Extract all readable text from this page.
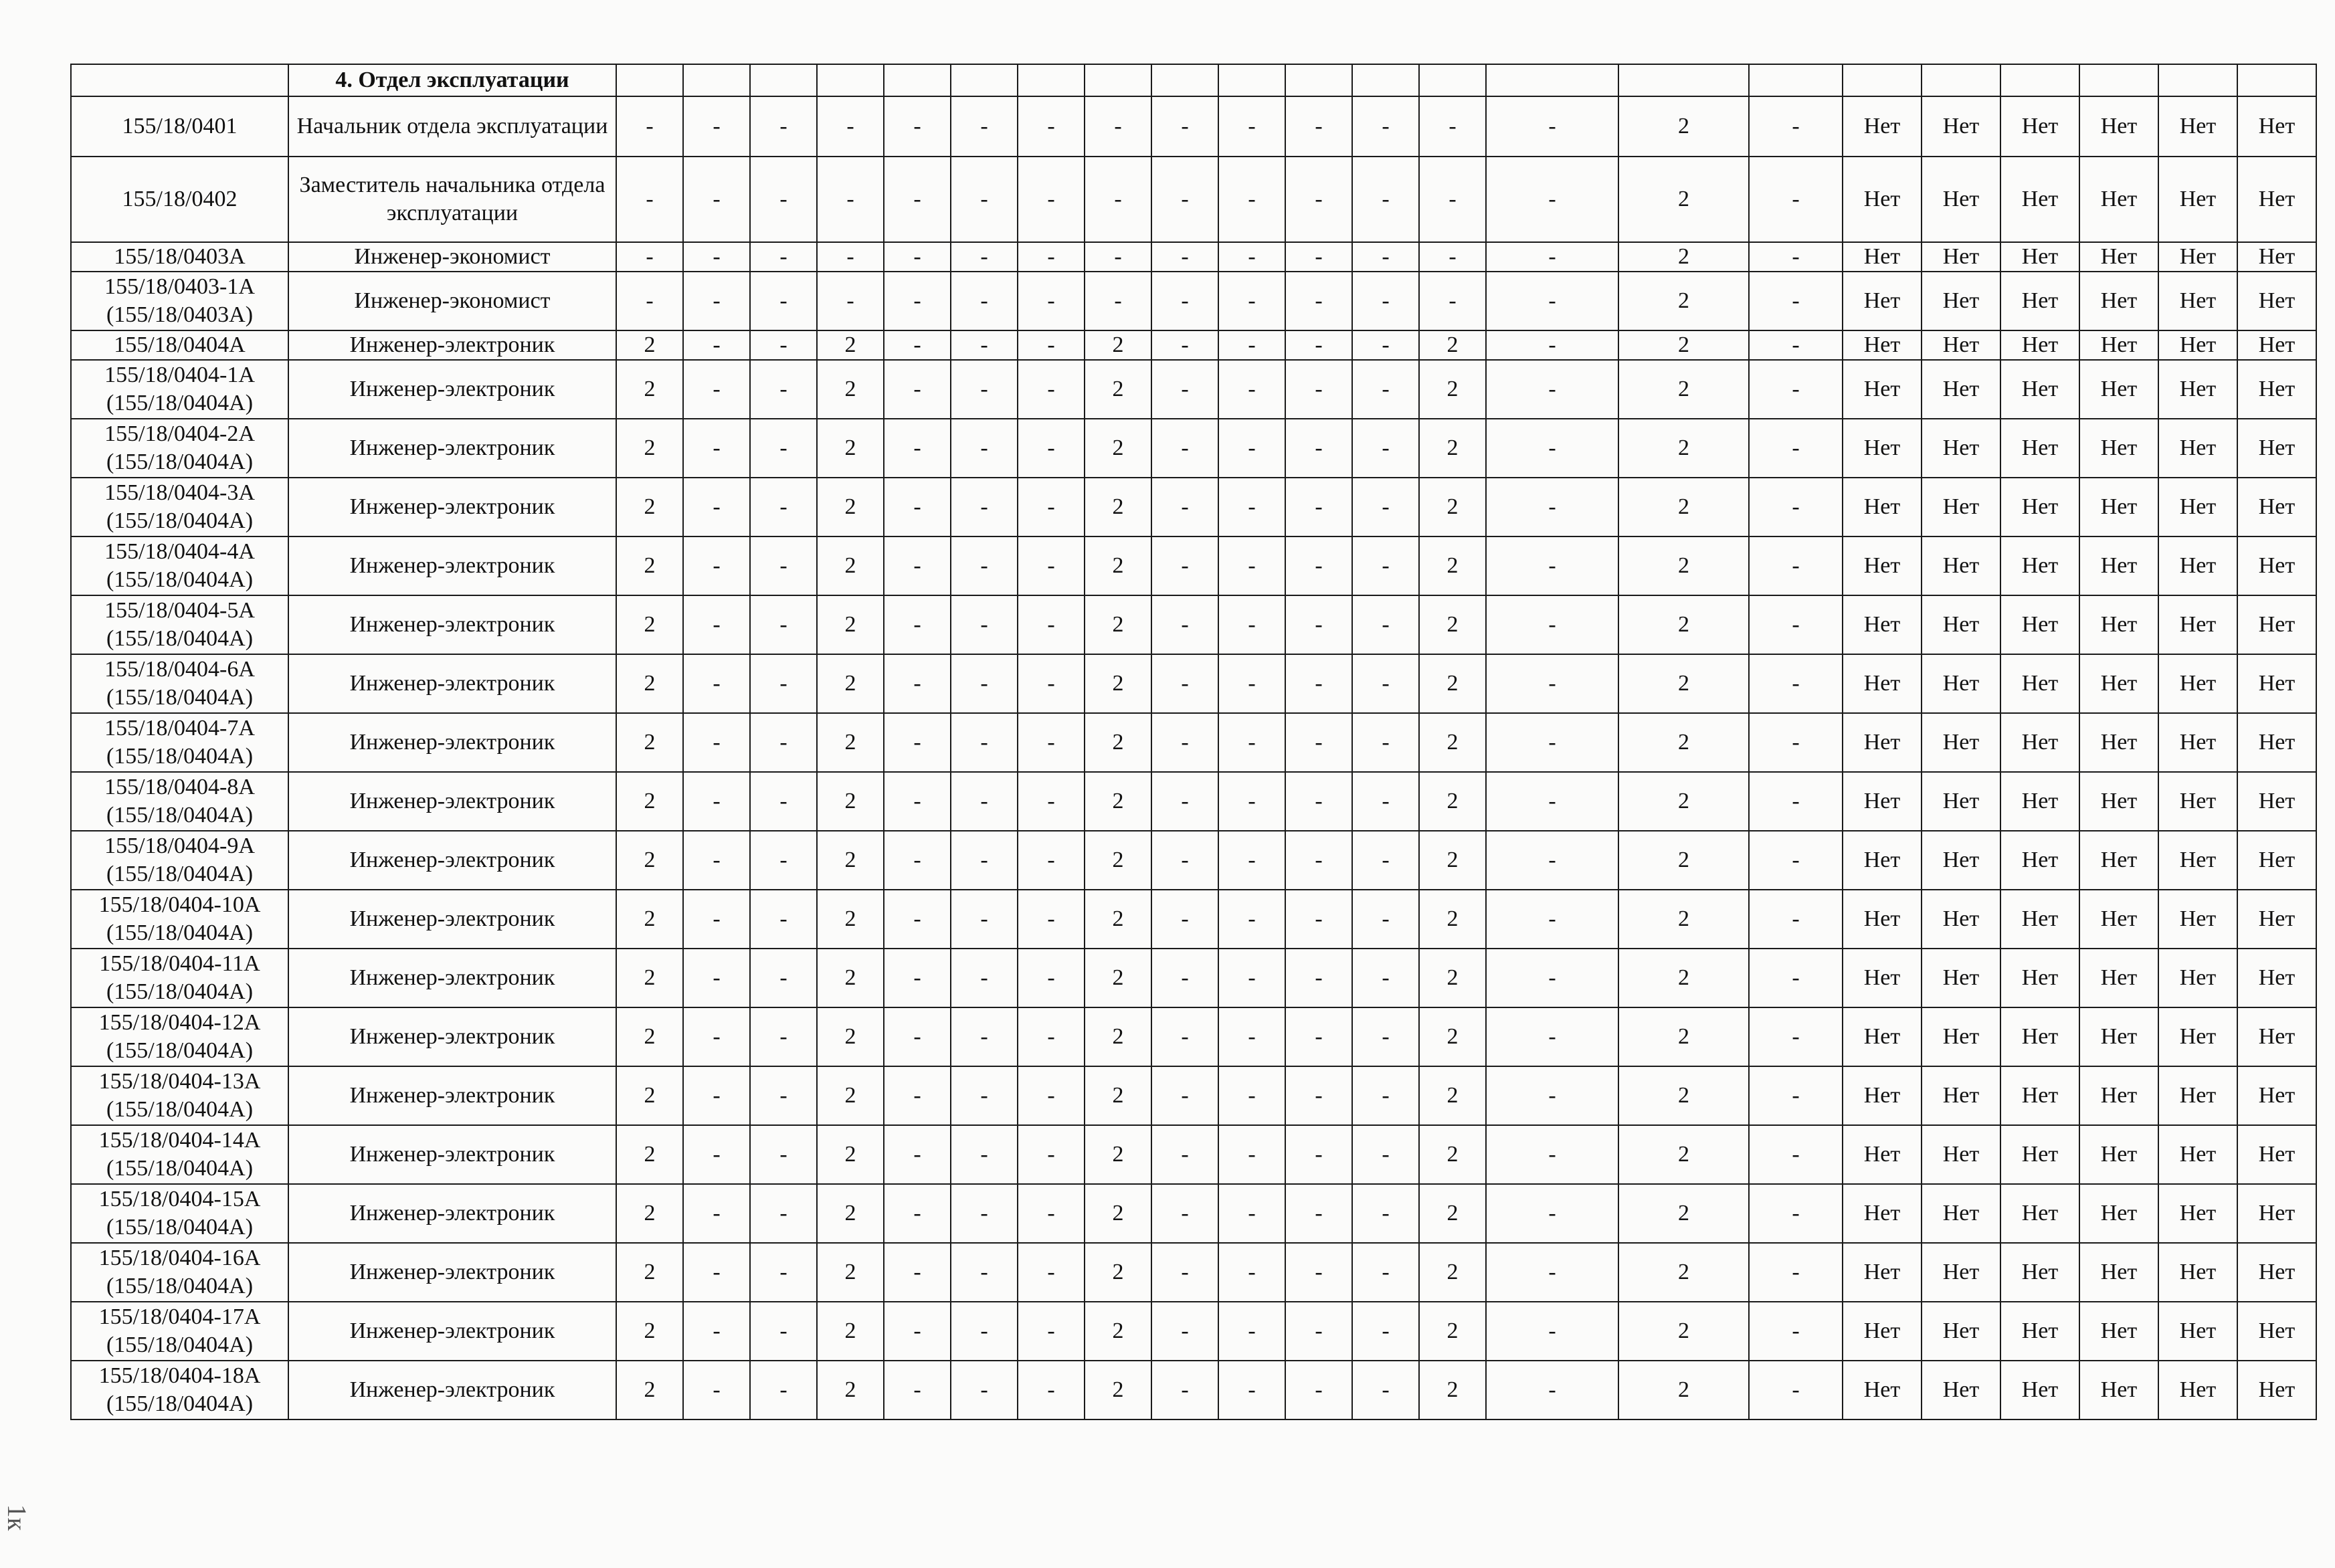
	4. Отдел эксплуатации																						
155/18/0401	Начальник отдела эксплуатации	-	-	-	-	-	-	-	-	-	-	-	-	-	-	2	-	Нет	Нет	Нет	Нет	Нет	Нет
155/18/0402	Заместитель начальника отдела эксплуатации	-	-	-	-	-	-	-	-	-	-	-	-	-	-	2	-	Нет	Нет	Нет	Нет	Нет	Нет
155/18/0403А	Инженер-экономист	-	-	-	-	-	-	-	-	-	-	-	-	-	-	2	-	Нет	Нет	Нет	Нет	Нет	Нет
155/18/0403-1А (155/18/0403А)	Инженер-экономист	-	-	-	-	-	-	-	-	-	-	-	-	-	-	2	-	Нет	Нет	Нет	Нет	Нет	Нет
155/18/0404А	Инженер-электроник	2	-	-	2	-	-	-	2	-	-	-	-	2	-	2	-	Нет	Нет	Нет	Нет	Нет	Нет
155/18/0404-1А (155/18/0404А)	Инженер-электроник	2	-	-	2	-	-	-	2	-	-	-	-	2	-	2	-	Нет	Нет	Нет	Нет	Нет	Нет
155/18/0404-2А (155/18/0404А)	Инженер-электроник	2	-	-	2	-	-	-	2	-	-	-	-	2	-	2	-	Нет	Нет	Нет	Нет	Нет	Нет
155/18/0404-3А (155/18/0404А)	Инженер-электроник	2	-	-	2	-	-	-	2	-	-	-	-	2	-	2	-	Нет	Нет	Нет	Нет	Нет	Нет
155/18/0404-4А (155/18/0404А)	Инженер-электроник	2	-	-	2	-	-	-	2	-	-	-	-	2	-	2	-	Нет	Нет	Нет	Нет	Нет	Нет
155/18/0404-5А (155/18/0404А)	Инженер-электроник	2	-	-	2	-	-	-	2	-	-	-	-	2	-	2	-	Нет	Нет	Нет	Нет	Нет	Нет
155/18/0404-6А (155/18/0404А)	Инженер-электроник	2	-	-	2	-	-	-	2	-	-	-	-	2	-	2	-	Нет	Нет	Нет	Нет	Нет	Нет
155/18/0404-7А (155/18/0404А)	Инженер-электроник	2	-	-	2	-	-	-	2	-	-	-	-	2	-	2	-	Нет	Нет	Нет	Нет	Нет	Нет
155/18/0404-8А (155/18/0404А)	Инженер-электроник	2	-	-	2	-	-	-	2	-	-	-	-	2	-	2	-	Нет	Нет	Нет	Нет	Нет	Нет
155/18/0404-9А (155/18/0404А)	Инженер-электроник	2	-	-	2	-	-	-	2	-	-	-	-	2	-	2	-	Нет	Нет	Нет	Нет	Нет	Нет
155/18/0404-10А (155/18/0404А)	Инженер-электроник	2	-	-	2	-	-	-	2	-	-	-	-	2	-	2	-	Нет	Нет	Нет	Нет	Нет	Нет
155/18/0404-11А (155/18/0404А)	Инженер-электроник	2	-	-	2	-	-	-	2	-	-	-	-	2	-	2	-	Нет	Нет	Нет	Нет	Нет	Нет
155/18/0404-12А (155/18/0404А)	Инженер-электроник	2	-	-	2	-	-	-	2	-	-	-	-	2	-	2	-	Нет	Нет	Нет	Нет	Нет	Нет
155/18/0404-13А (155/18/0404А)	Инженер-электроник	2	-	-	2	-	-	-	2	-	-	-	-	2	-	2	-	Нет	Нет	Нет	Нет	Нет	Нет
155/18/0404-14А (155/18/0404А)	Инженер-электроник	2	-	-	2	-	-	-	2	-	-	-	-	2	-	2	-	Нет	Нет	Нет	Нет	Нет	Нет
155/18/0404-15А (155/18/0404А)	Инженер-электроник	2	-	-	2	-	-	-	2	-	-	-	-	2	-	2	-	Нет	Нет	Нет	Нет	Нет	Нет
155/18/0404-16А (155/18/0404А)	Инженер-электроник	2	-	-	2	-	-	-	2	-	-	-	-	2	-	2	-	Нет	Нет	Нет	Нет	Нет	Нет
155/18/0404-17А (155/18/0404А)	Инженер-электроник	2	-	-	2	-	-	-	2	-	-	-	-	2	-	2	-	Нет	Нет	Нет	Нет	Нет	Нет
155/18/0404-18А (155/18/0404А)	Инженер-электроник	2	-	-	2	-	-	-	2	-	-	-	-	2	-	2	-	Нет	Нет	Нет	Нет	Нет	Нет
1к
